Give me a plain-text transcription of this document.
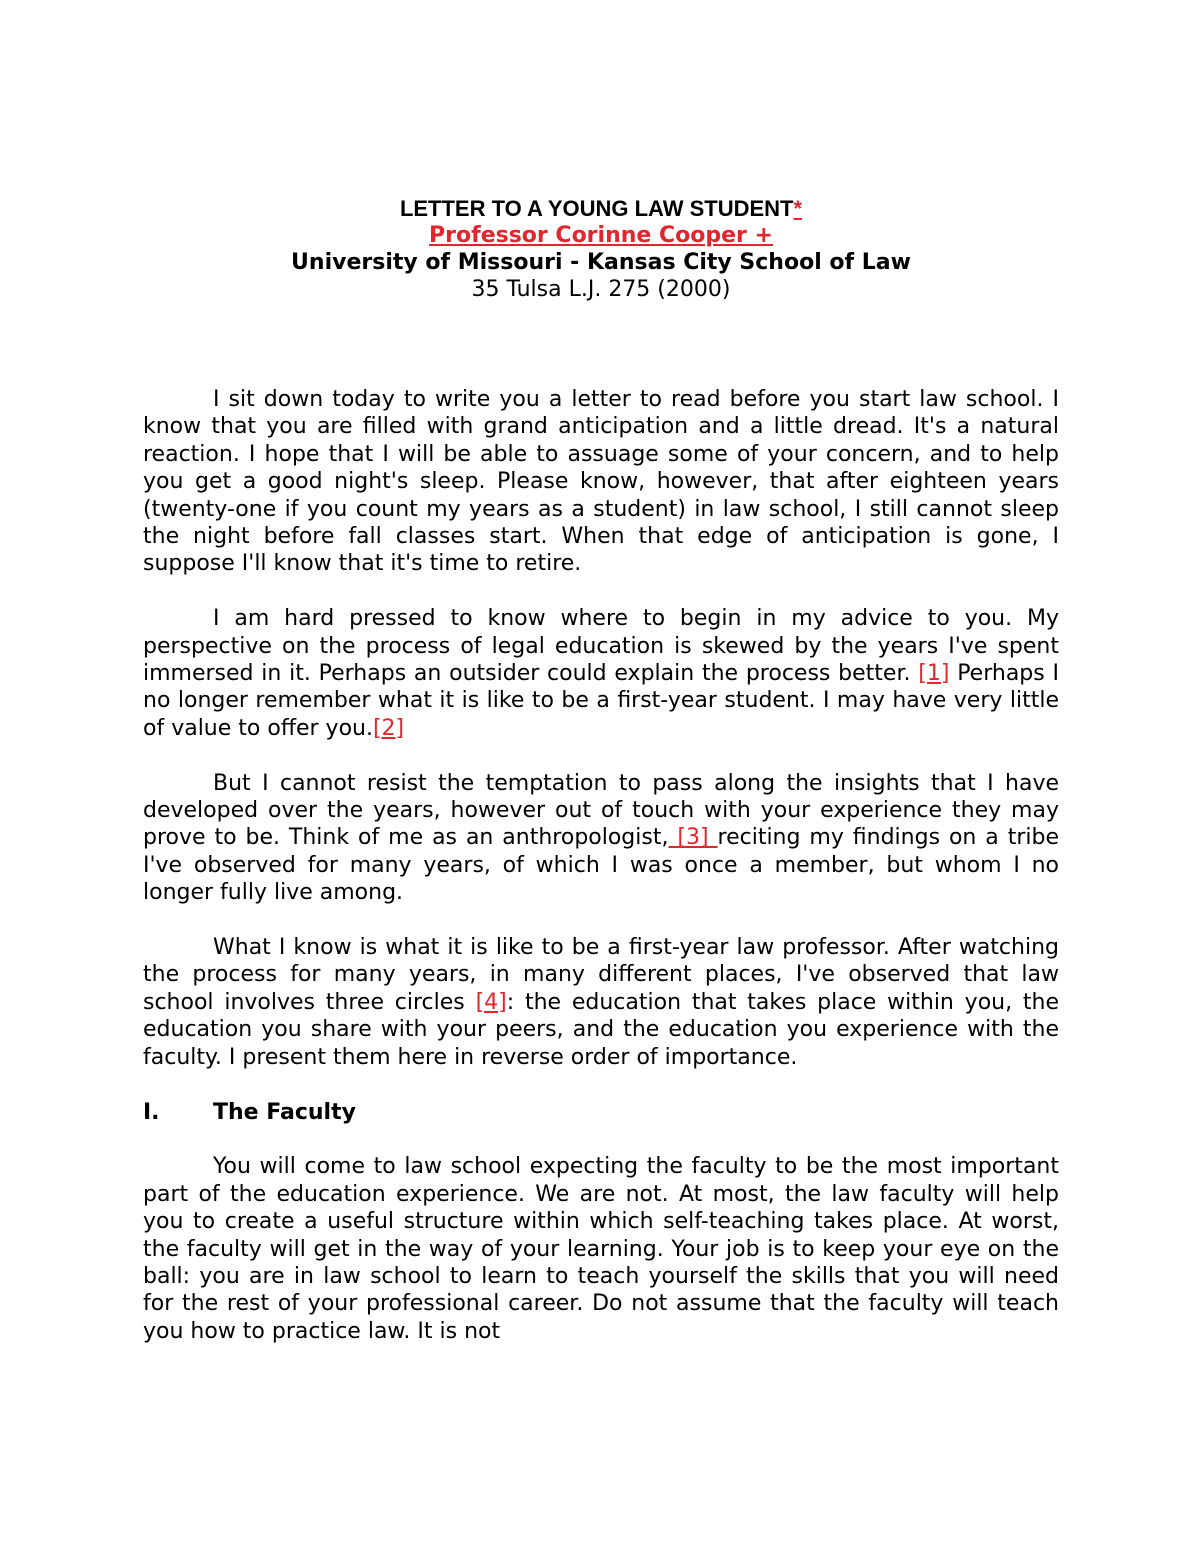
LETTER TO A YOUNG LAW STUDENT*

Professor Corinne Cooper +

University of Missouri - Kansas City School of Law

35 Tulsa L.J. 275 (2000)

I sit down today to write you a letter to read before you start law school. I know that you are filled with grand anticipation and a little dread. It's a natural reaction. I hope that I will be able to assuage some of your concern, and to help you get a good night's sleep. Please know, however, that after eighteen years (twenty-one if you count my years as a student) in law school, I still cannot sleep the night before fall classes start. When that edge of anticipation is gone, I suppose I'll know that it's time to retire.

I am hard pressed to know where to begin in my advice to you. My perspective on the process of legal education is skewed by the years I've spent immersed in it. Perhaps an outsider could explain the process better. [1] Perhaps I no longer remember what it is like to be a first-year student. I may have very little of value to offer you.[2]

But I cannot resist the temptation to pass along the insights that I have developed over the years, however out of touch with your experience they may prove to be. Think of me as an anthropologist, [3] reciting my findings on a tribe I've observed for many years, of which I was once a member, but whom I no longer fully live among.

What I know is what it is like to be a first-year law professor. After watching the process for many years, in many different places, I've observed that law school involves three circles [4]: the education that takes place within you, the education you share with your peers, and the education you experience with the faculty. I present them here in reverse order of importance.

I.	The Faculty

You will come to law school expecting the faculty to be the most important part of the education experience. We are not. At most, the law faculty will help you to create a useful structure within which self-teaching takes place. At worst, the faculty will get in the way of your learning. Your job is to keep your eye on the ball: you are in law school to learn to teach yourself the skills that you will need for the rest of your professional career. Do not assume that the faculty will teach you how to practice law. It is not
